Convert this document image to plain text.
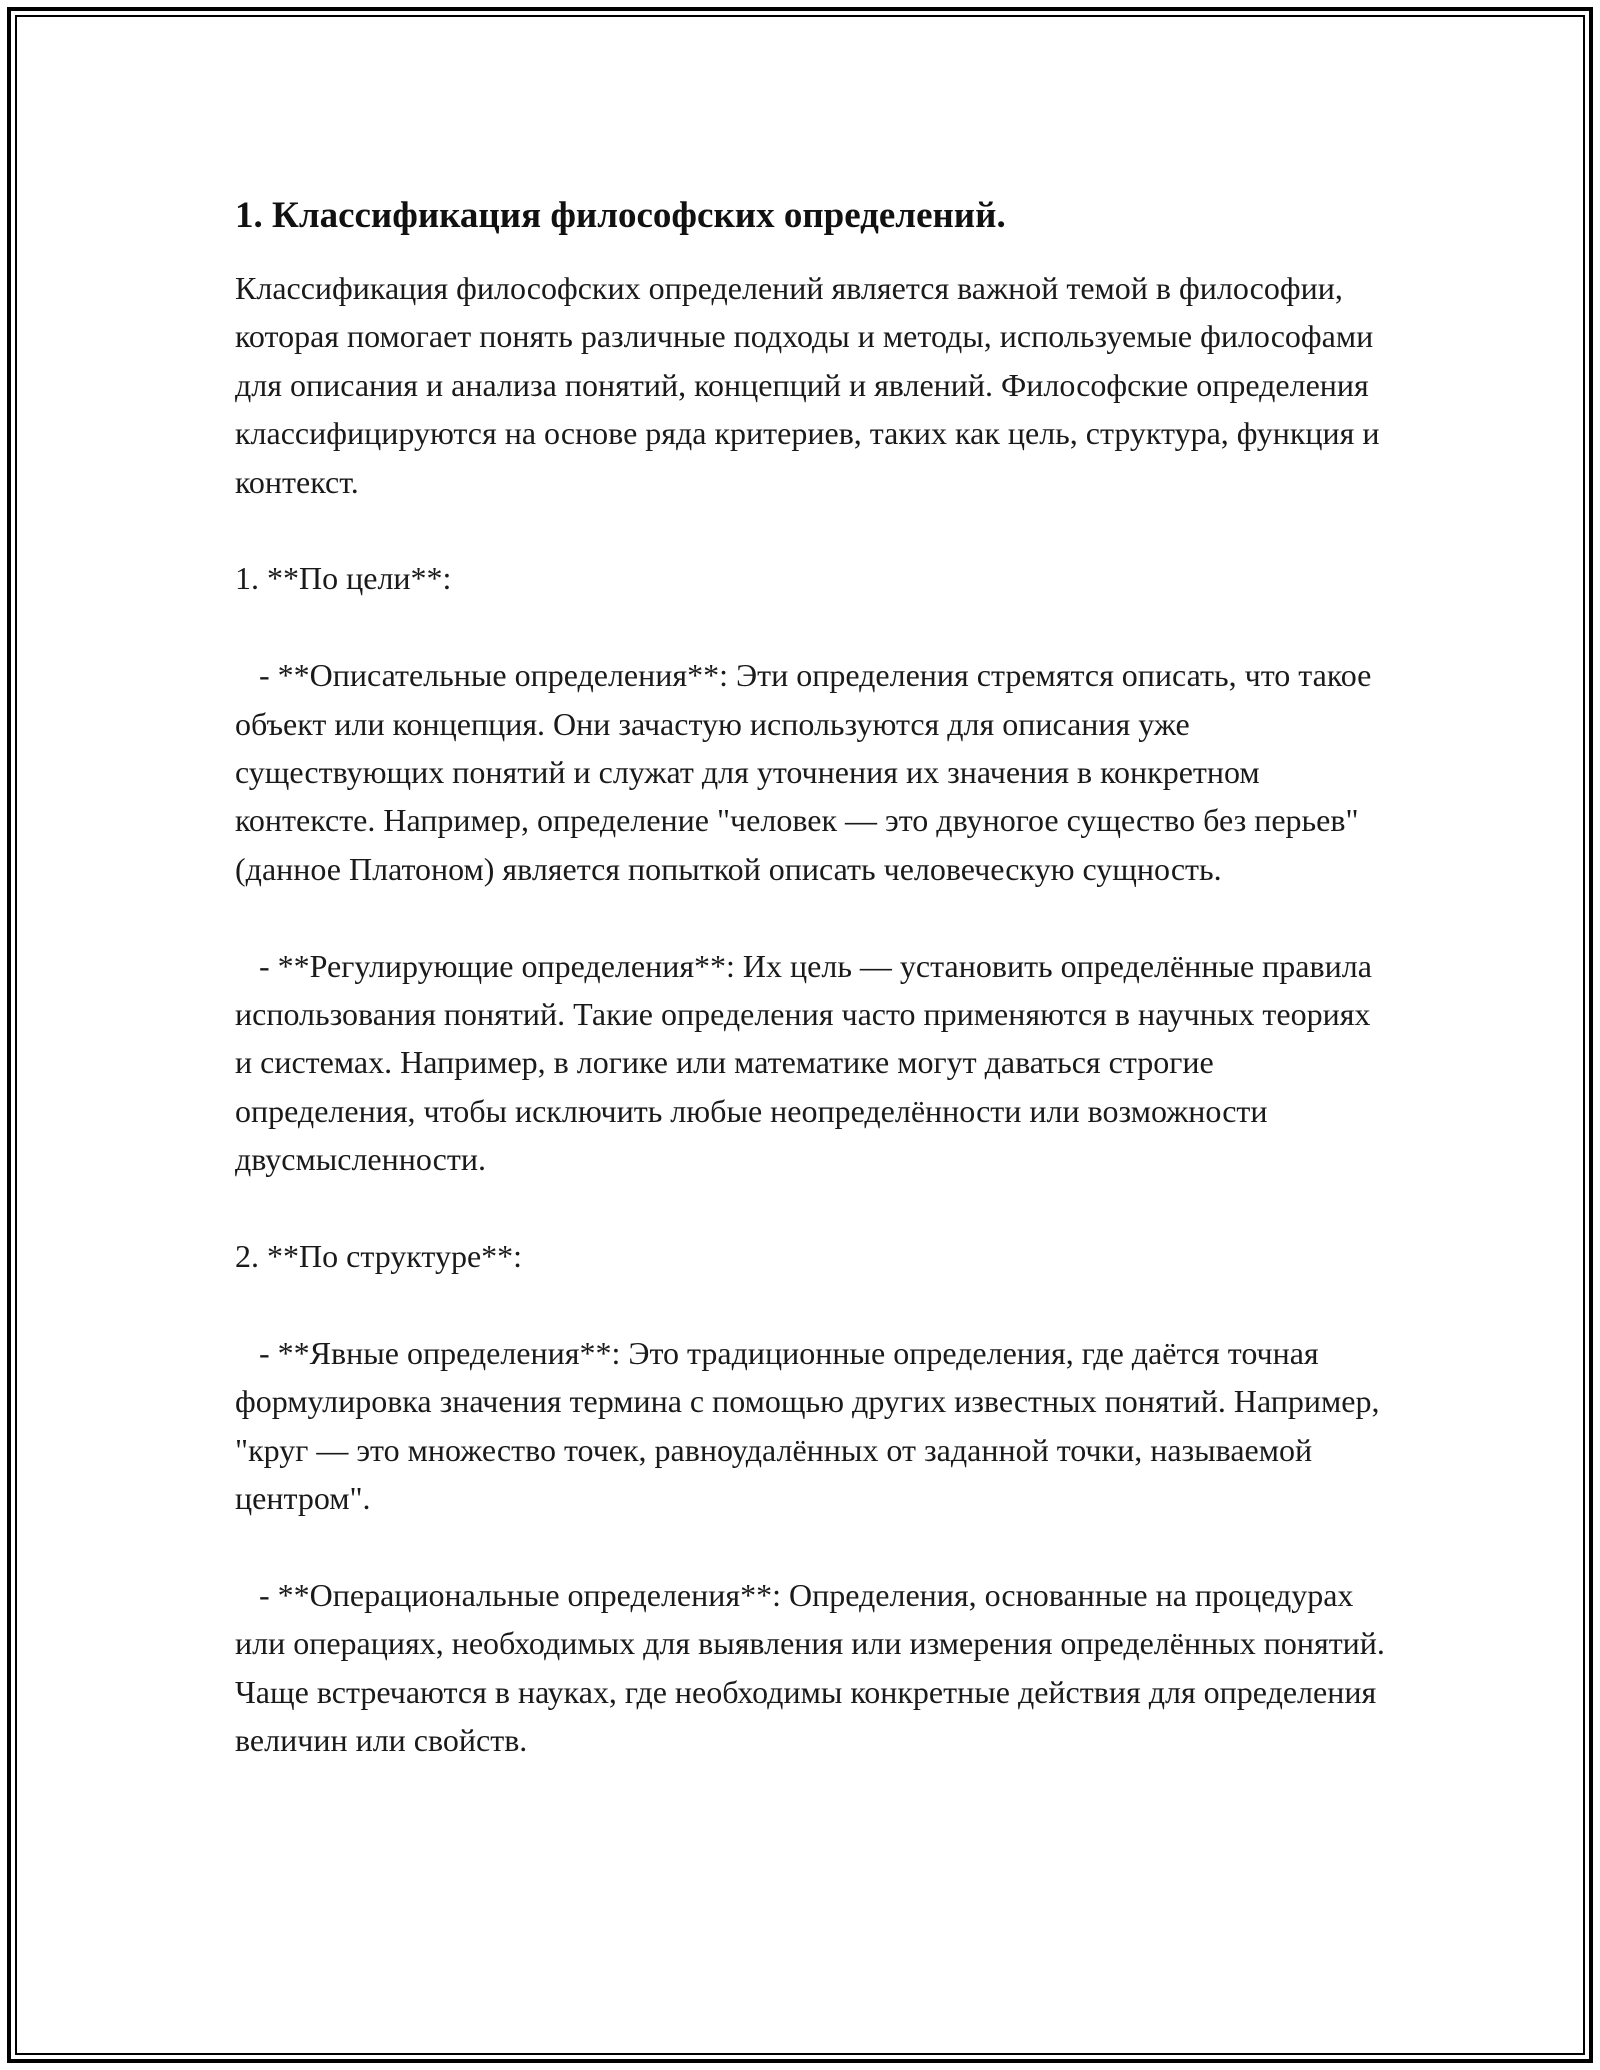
1. Классификация философских определений.

Классификация философских определений является важной темой в философии, которая помогает понять различные подходы и методы, используемые философами для описания и анализа понятий, концепций и явлений. Философские определения классифицируются на основе ряда критериев, таких как цель, структура, функция и контекст.

1. **По цели**:

- **Описательные определения**: Эти определения стремятся описать, что такое объект или концепция. Они зачастую используются для описания уже существующих понятий и служат для уточнения их значения в конкретном контексте. Например, определение "человек — это двуногое существо без перьев" (данное Платоном) является попыткой описать человеческую сущность.

- **Регулирующие определения**: Их цель — установить определённые правила использования понятий. Такие определения часто применяются в научных теориях и системах. Например, в логике или математике могут даваться строгие определения, чтобы исключить любые неопределённости или возможности двусмысленности.

2. **По структуре**:

- **Явные определения**: Это традиционные определения, где даётся точная формулировка значения термина с помощью других известных понятий. Например, "круг — это множество точек, равноудалённых от заданной точки, называемой центром".

- **Операциональные определения**: Определения, основанные на процедурах или операциях, необходимых для выявления или измерения определённых понятий. Чаще встречаются в науках, где необходимы конкретные действия для определения величин или свойств.
